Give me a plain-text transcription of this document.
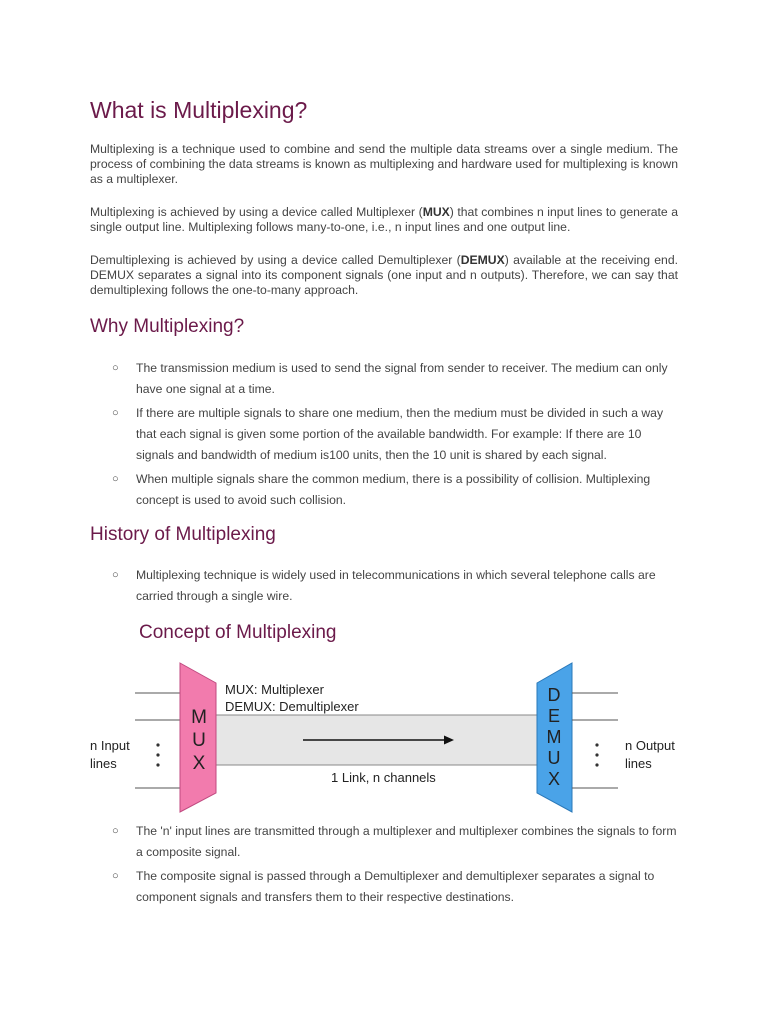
What is Multiplexing?

Multiplexing is a technique used to combine and send the multiple data streams over a single medium. The process of combining the data streams is known as multiplexing and hardware used for multiplexing is known as a multiplexer.

Multiplexing is achieved by using a device called Multiplexer (MUX) that combines n input lines to generate a single output line. Multiplexing follows many-to-one, i.e., n input lines and one output line.

Demultiplexing is achieved by using a device called Demultiplexer (DEMUX) available at the receiving end. DEMUX separates a signal into its component signals (one input and n outputs). Therefore, we can say that demultiplexing follows the one-to-many approach.

Why Multiplexing?
○ The transmission medium is used to send the signal from sender to receiver. The medium can only have one signal at a time.
○ If there are multiple signals to share one medium, then the medium must be divided in such a way that each signal is given some portion of the available bandwidth. For example: If there are 10 signals and bandwidth of medium is100 units, then the 10 unit is shared by each signal.
○ When multiple signals share the common medium, there is a possibility of collision. Multiplexing concept is used to avoid such collision.
History of Multiplexing
○ Multiplexing technique is widely used in telecommunications in which several telephone calls are carried through a single wire.
Concept of Multiplexing
n Input
lines
M
U
X
MUX: Multiplexer
DEMUX: Demultiplexer
1 Link, n channels
D
E
M
U
X
n Output
lines
○ The 'n' input lines are transmitted through a multiplexer and multiplexer combines the signals to form a composite signal.
○ The composite signal is passed through a Demultiplexer and demultiplexer separates a signal to component signals and transfers them to their respective destinations.
